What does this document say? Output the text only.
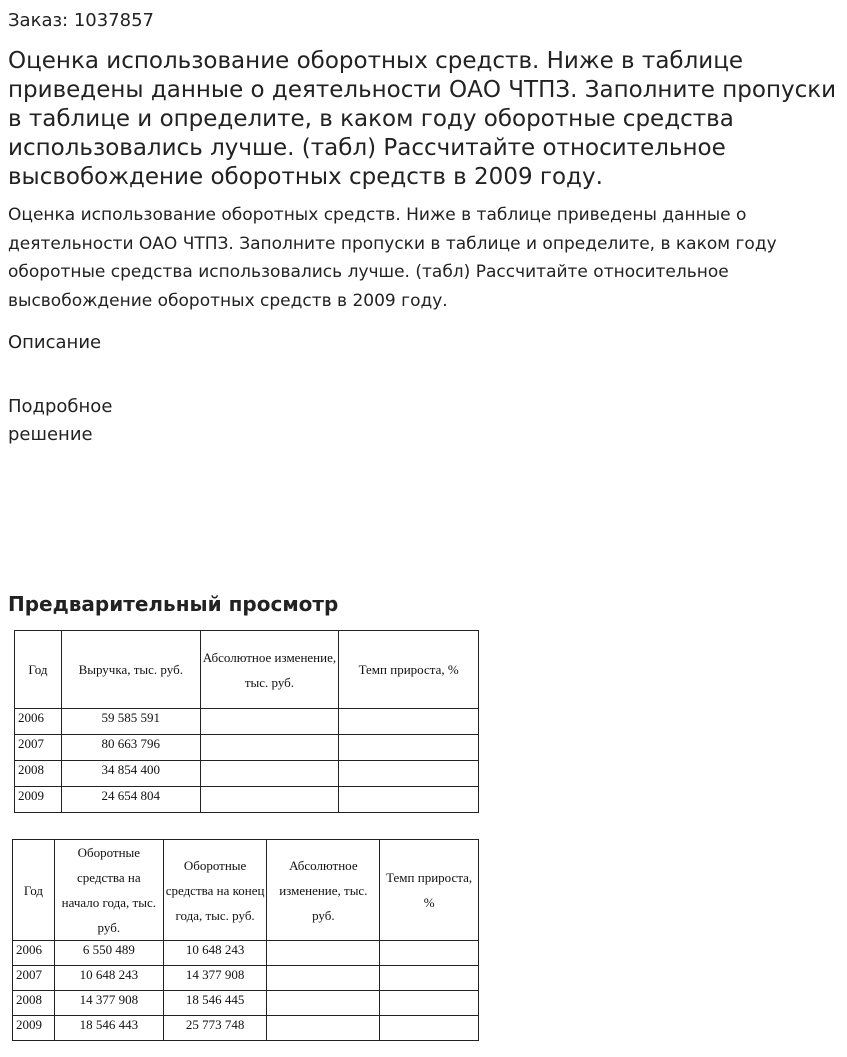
Заказ: 1037857
Оценка использование оборотных средств. Ниже в таблице приведены данные о деятельности ОАО ЧТПЗ. Заполните пропуски в таблице и определите, в каком году оборотные средства использовались лучше. (табл) Рассчитайте относительное высвобождение оборотных средств в 2009 году.
Оценка использование оборотных средств. Ниже в таблице приведены данные о деятельности ОАО ЧТПЗ. Заполните пропуски в таблице и определите, в каком году оборотные средства использовались лучше. (табл) Рассчитайте относительное высвобождение оборотных средств в 2009 году.
Описание
Подробное решение
Предварительный просмотр
Год	Выручка, тыс. руб.	Абсолютное изменение, тыс. руб.	Темп прироста, %
2006	59 585 591		
2007	80 663 796		
2008	34 854 400		
2009	24 654 804		
Год	Оборотные средства на начало года, тыс. руб.	Оборотные средства на конец года, тыс. руб.	Абсолютное изменение, тыс. руб.	Темп прироста, %
2006	6 550 489	10 648 243		
2007	10 648 243	14 377 908		
2008	14 377 908	18 546 445		
2009	18 546 443	25 773 748		
